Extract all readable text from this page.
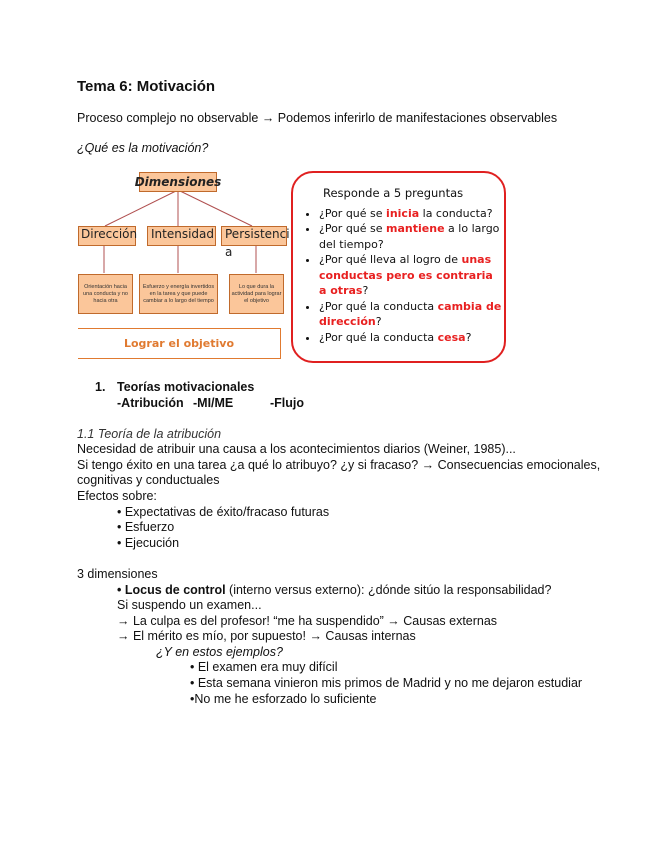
Tema 6: Motivación
Proceso complejo no observable → Podemos inferirlo de manifestaciones observables
¿Qué es la motivación?
Dimensiones
Dirección	Intensidad Persistenci
a
Orientación hacia una conducta y no hacia otra
Esfuerzo y energía invertidos en la tarea y que puede cambiar a lo largo del tiempo
Lo que dura la actividad para lograr el objetivo
Lograr el objetivo
Responde a 5 preguntas
• ¿Por qué se inicia la conducta?
• ¿Por qué se mantiene a lo largo del tiempo?
• ¿Por qué lleva al logro de unas conductas pero es contraria a otras?
• ¿Por qué la conducta cambia de dirección?
• ¿Por qué la conducta cesa?
1. Teorías motivacionales
-Atribución -MI/ME	-Flujo
1.1 Teoría de la atribución
Necesidad de atribuir una causa a los acontecimientos diarios (Weiner, 1985)...
Si tengo éxito en una tarea ¿a qué lo atribuyo? ¿y si fracaso? → Consecuencias emocionales,
cognitivas y conductuales
Efectos sobre:
• Expectativas de éxito/fracaso futuras
• Esfuerzo
• Ejecución
3 dimensiones
• Locus de control (interno versus externo): ¿dónde sitúo la responsabilidad?
Si suspendo un examen...
→ La culpa es del profesor! “me ha suspendido” → Causas externas
→ El mérito es mío, por supuesto! → Causas internas
¿Y en estos ejemplos?
• El examen era muy difícil
• Esta semana vinieron mis primos de Madrid y no me dejaron estudiar
•No me he esforzado lo suficiente
